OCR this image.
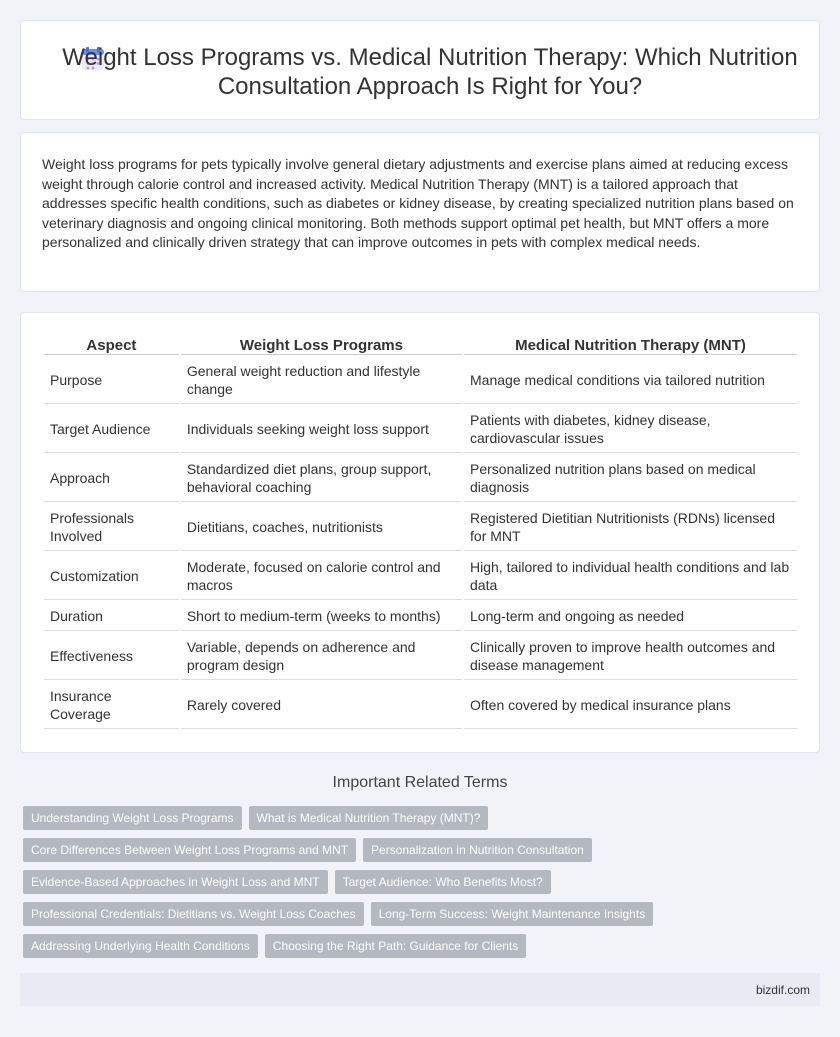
Weight Loss Programs vs. Medical Nutrition Therapy: Which Nutrition Consultation Approach Is Right for You?

Weight loss programs for pets typically involve general dietary adjustments and exercise plans aimed at reducing excess weight through calorie control and increased activity. Medical Nutrition Therapy (MNT) is a tailored approach that addresses specific health conditions, such as diabetes or kidney disease, by creating specialized nutrition plans based on veterinary diagnosis and ongoing clinical monitoring. Both methods support optimal pet health, but MNT offers a more personalized and clinically driven strategy that can improve outcomes in pets with complex medical needs.

Aspect	Weight Loss Programs	Medical Nutrition Therapy (MNT)
Purpose	General weight reduction and lifestyle change	Manage medical conditions via tailored nutrition
Target Audience	Individuals seeking weight loss support	Patients with diabetes, kidney disease, cardiovascular issues
Approach	Standardized diet plans, group support, behavioral coaching	Personalized nutrition plans based on medical diagnosis
Professionals Involved	Dietitians, coaches, nutritionists	Registered Dietitian Nutritionists (RDNs) licensed for MNT
Customization	Moderate, focused on calorie control and macros	High, tailored to individual health conditions and lab data
Duration	Short to medium-term (weeks to months)	Long-term and ongoing as needed
Effectiveness	Variable, depends on adherence and program design	Clinically proven to improve health outcomes and disease management
Insurance Coverage	Rarely covered	Often covered by medical insurance plans
Important Related Terms
Understanding Weight Loss Programs	What is Medical Nutrition Therapy (MNT)?
Core Differences Between Weight Loss Programs and MNT	Personalization in Nutrition Consultation
Evidence-Based Approaches in Weight Loss and MNT	Target Audience: Who Benefits Most?
Professional Credentials: Dietitians vs. Weight Loss Coaches	Long-Term Success: Weight Maintenance Insights
Addressing Underlying Health Conditions	Choosing the Right Path: Guidance for Clients
bizdif.com
